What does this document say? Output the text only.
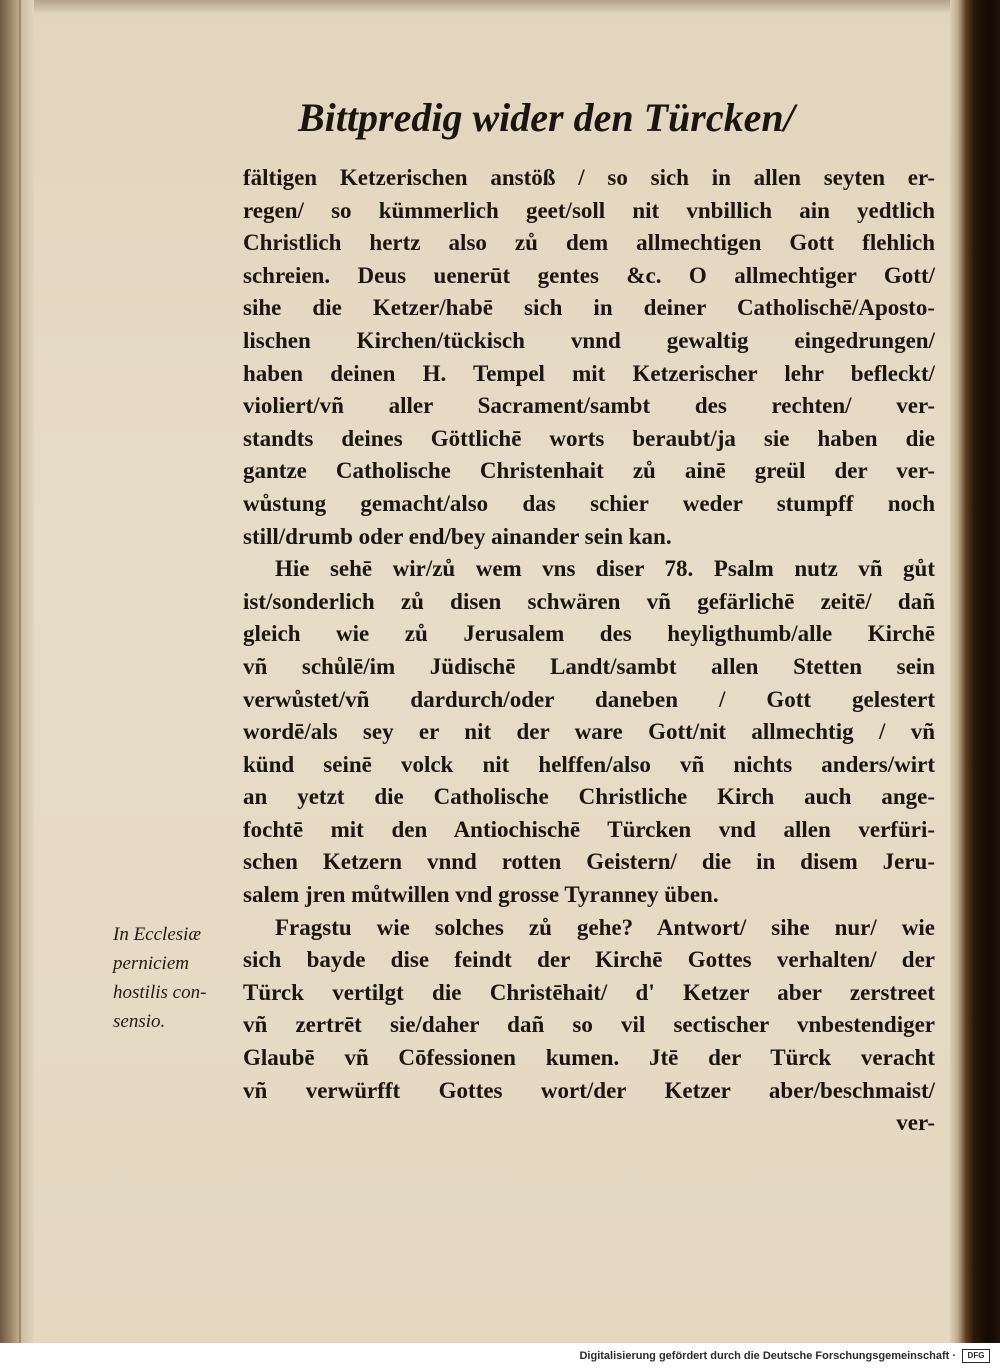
Bittpredig wider den Türcken/
fältigen Ketzerischen anstöß / so sich in allen seyten er-
regen/ so kümmerlich geet/soll nit vnbillich ain yedtlich
Christlich hertz also zů dem allmechtigen Gott flehlich
schreien. Deus uenerūt gentes &c. O allmechtiger Gott/
sihe die Ketzer/habē sich in deiner Catholischē/Aposto-
lischen Kirchen/tückisch vnnd gewaltig eingedrungen/
haben deinen H. Tempel mit Ketzerischer lehr befleckt/
violiert/vñ aller Sacrament/sambt des rechten/ ver-
standts deines Göttlichē worts beraubt/ja sie haben die
gantze Catholische Christenhait zů ainē greül der ver-
wůstung gemacht/also das schier weder stumpff noch
still/drumb oder end/bey ainander sein kan.
Hie sehē wir/zů wem vns diser 78. Psalm nutz vñ gůt
ist/sonderlich zů disen schwären vñ gefärlichē zeitē/ dañ
gleich wie zů Jerusalem des heyligthumb/alle Kirchē
vñ schůlē/im Jüdischē Landt/sambt allen Stetten sein
verwůstet/vñ dardurch/oder daneben / Gott gelestert
wordē/als sey er nit der ware Gott/nit allmechtig / vñ
künd seinē volck nit helffen/also vñ nichts anders/wirt
an yetzt die Catholische Christliche Kirch auch ange-
fochtē mit den Antiochischē Türcken vnd allen verfüri-
schen Ketzern vnnd rotten Geistern/ die in disem Jeru-
salem jren můtwillen vnd grosse Tyranney üben.
Fragstu wie solches zů gehe? Antwort/ sihe nur/ wie
sich bayde dise feindt der Kirchē Gottes verhalten/ der
Türck vertilgt die Christēhait/ d' Ketzer aber zerstreet
vñ zertrēt sie/daher dañ so vil sectischer vnbestendiger
Glaubē vñ Cōfessionen kumen. Jtē der Türck veracht
vñ verwürfft Gottes wort/der Ketzer aber/beschmaist/
ver-
In Ecclesiæ
perniciem
hostilis con-
sensio.
Digitalisierung gefördert durch die Deutsche Forschungsgemeinschaft ·	DFG
